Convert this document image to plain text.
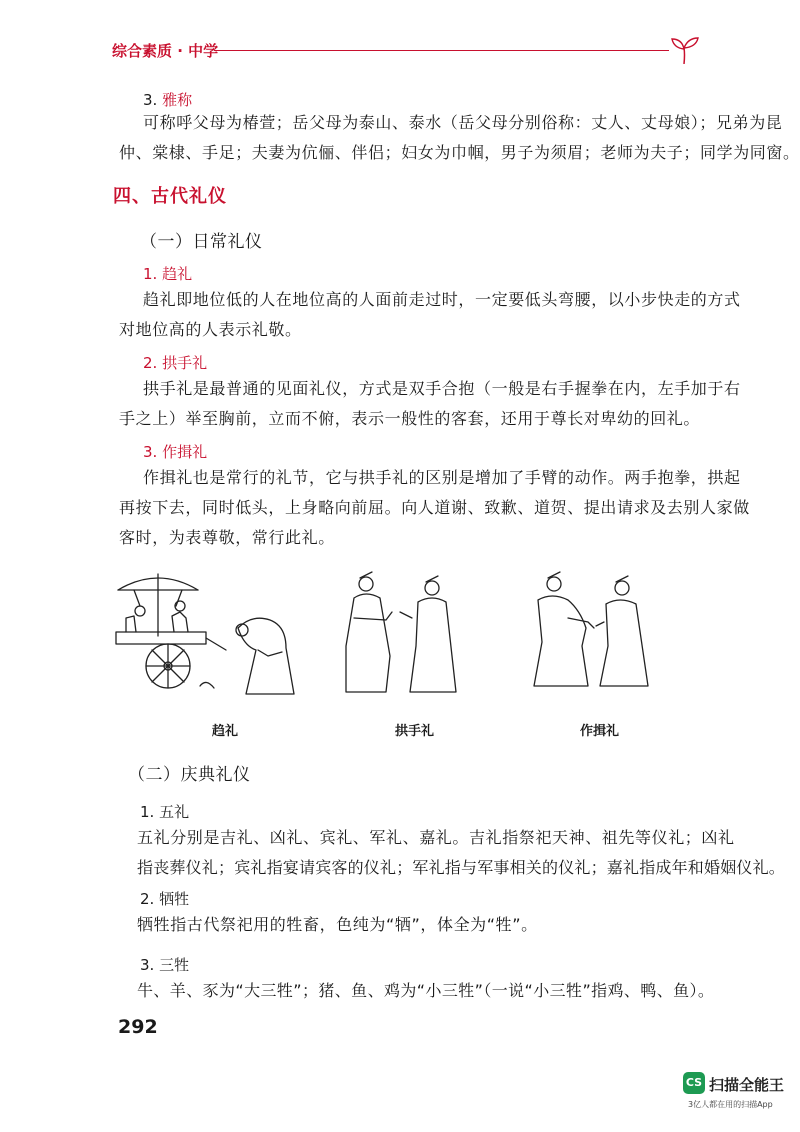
综合素质 · 中学
3. 雅称
可称呼父母为椿萱；岳父母为泰山、泰水（岳父母分别俗称：丈人、丈母娘）；兄弟为昆
仲、棠棣、手足；夫妻为伉俪、伴侣；妇女为巾帼，男子为须眉；老师为夫子；同学为同窗。
四、古代礼仪
（一）日常礼仪
1. 趋礼
趋礼即地位低的人在地位高的人面前走过时，一定要低头弯腰，以小步快走的方式
对地位高的人表示礼敬。
2. 拱手礼
拱手礼是最普通的见面礼仪，方式是双手合抱（一般是右手握拳在内，左手加于右
手之上）举至胸前，立而不俯，表示一般性的客套，还用于尊长对卑幼的回礼。
3. 作揖礼
作揖礼也是常行的礼节，它与拱手礼的区别是增加了手臂的动作。两手抱拳，拱起
再按下去，同时低头，上身略向前屈。向人道谢、致歉、道贺、提出请求及去别人家做
客时，为表尊敬，常行此礼。
趋礼	拱手礼	作揖礼
（二）庆典礼仪
1. 五礼
五礼分别是吉礼、凶礼、宾礼、军礼、嘉礼。吉礼指祭祀天神、祖先等仪礼；凶礼
指丧葬仪礼；宾礼指宴请宾客的仪礼；军礼指与军事相关的仪礼；嘉礼指成年和婚姻仪礼。
2. 牺牲
牺牲指古代祭祀用的牲畜，色纯为“牺”，体全为“牲”。
3. 三牲
牛、羊、豕为“大三牲”；猪、鱼、鸡为“小三牲”（一说“小三牲”指鸡、鸭、鱼）。
292
CS 扫描全能王
3亿人都在用的扫描App
